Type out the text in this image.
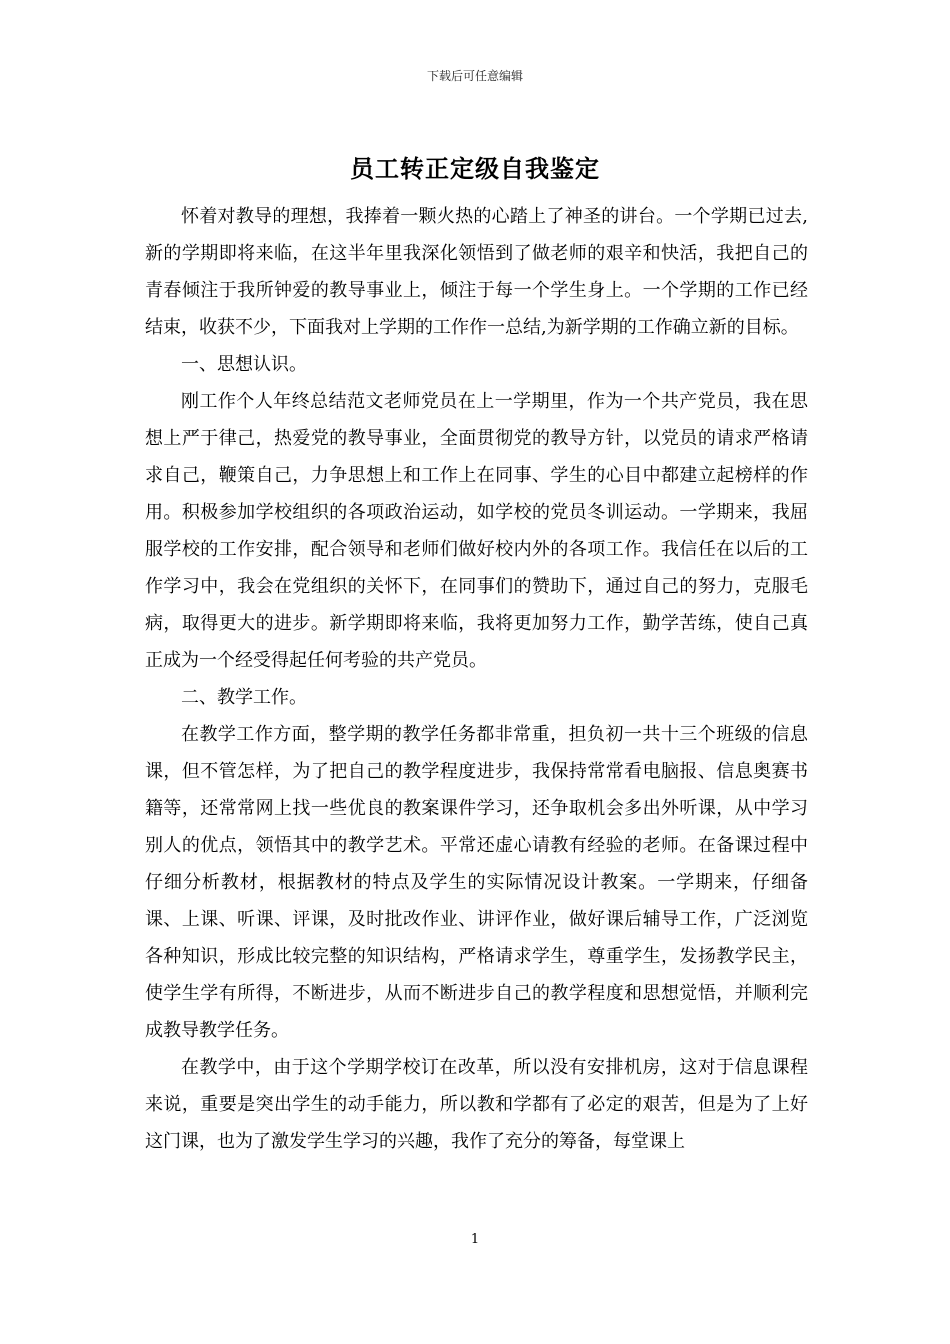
下载后可任意编辑
员工转正定级自我鉴定

怀着对教导的理想，我捧着一颗火热的心踏上了神圣的讲台。一个学期已过去,新的学期即将来临，在这半年里我深化领悟到了做老师的艰辛和快活，我把自己的青春倾注于我所钟爱的教导事业上，倾注于每一个学生身上。一个学期的工作已经结束，收获不少，下面我对上学期的工作作一总结,为新学期的工作确立新的目标。

一、思想认识。

刚工作个人年终总结范文老师党员在上一学期里，作为一个共产党员，我在思想上严于律己，热爱党的教导事业，全面贯彻党的教导方针，以党员的请求严格请求自己，鞭策自己，力争思想上和工作上在同事、学生的心目中都建立起榜样的作用。积极参加学校组织的各项政治运动，如学校的党员冬训运动。一学期来，我屈服学校的工作安排，配合领导和老师们做好校内外的各项工作。我信任在以后的工作学习中，我会在党组织的关怀下，在同事们的赞助下，通过自己的努力，克服毛病，取得更大的进步。新学期即将来临，我将更加努力工作，勤学苦练，使自己真正成为一个经受得起任何考验的共产党员。

二、教学工作。

在教学工作方面，整学期的教学任务都非常重，担负初一共十三个班级的信息课，但不管怎样，为了把自己的教学程度进步，我保持常常看电脑报、信息奥赛书籍等，还常常网上找一些优良的教案课件学习，还争取机会多出外听课，从中学习别人的优点，领悟其中的教学艺术。平常还虚心请教有经验的老师。在备课过程中仔细分析教材，根据教材的特点及学生的实际情况设计教案。一学期来，仔细备课、上课、听课、评课，及时批改作业、讲评作业，做好课后辅导工作，广泛浏览各种知识，形成比较完整的知识结构，严格请求学生，尊重学生，发扬教学民主，使学生学有所得，不断进步，从而不断进步自己的教学程度和思想觉悟，并顺利完成教导教学任务。

在教学中，由于这个学期学校订在改革，所以没有安排机房，这对于信息课程来说，重要是突出学生的动手能力，所以教和学都有了必定的艰苦，但是为了上好这门课，也为了激发学生学习的兴趣，我作了充分的筹备，每堂课上

1
